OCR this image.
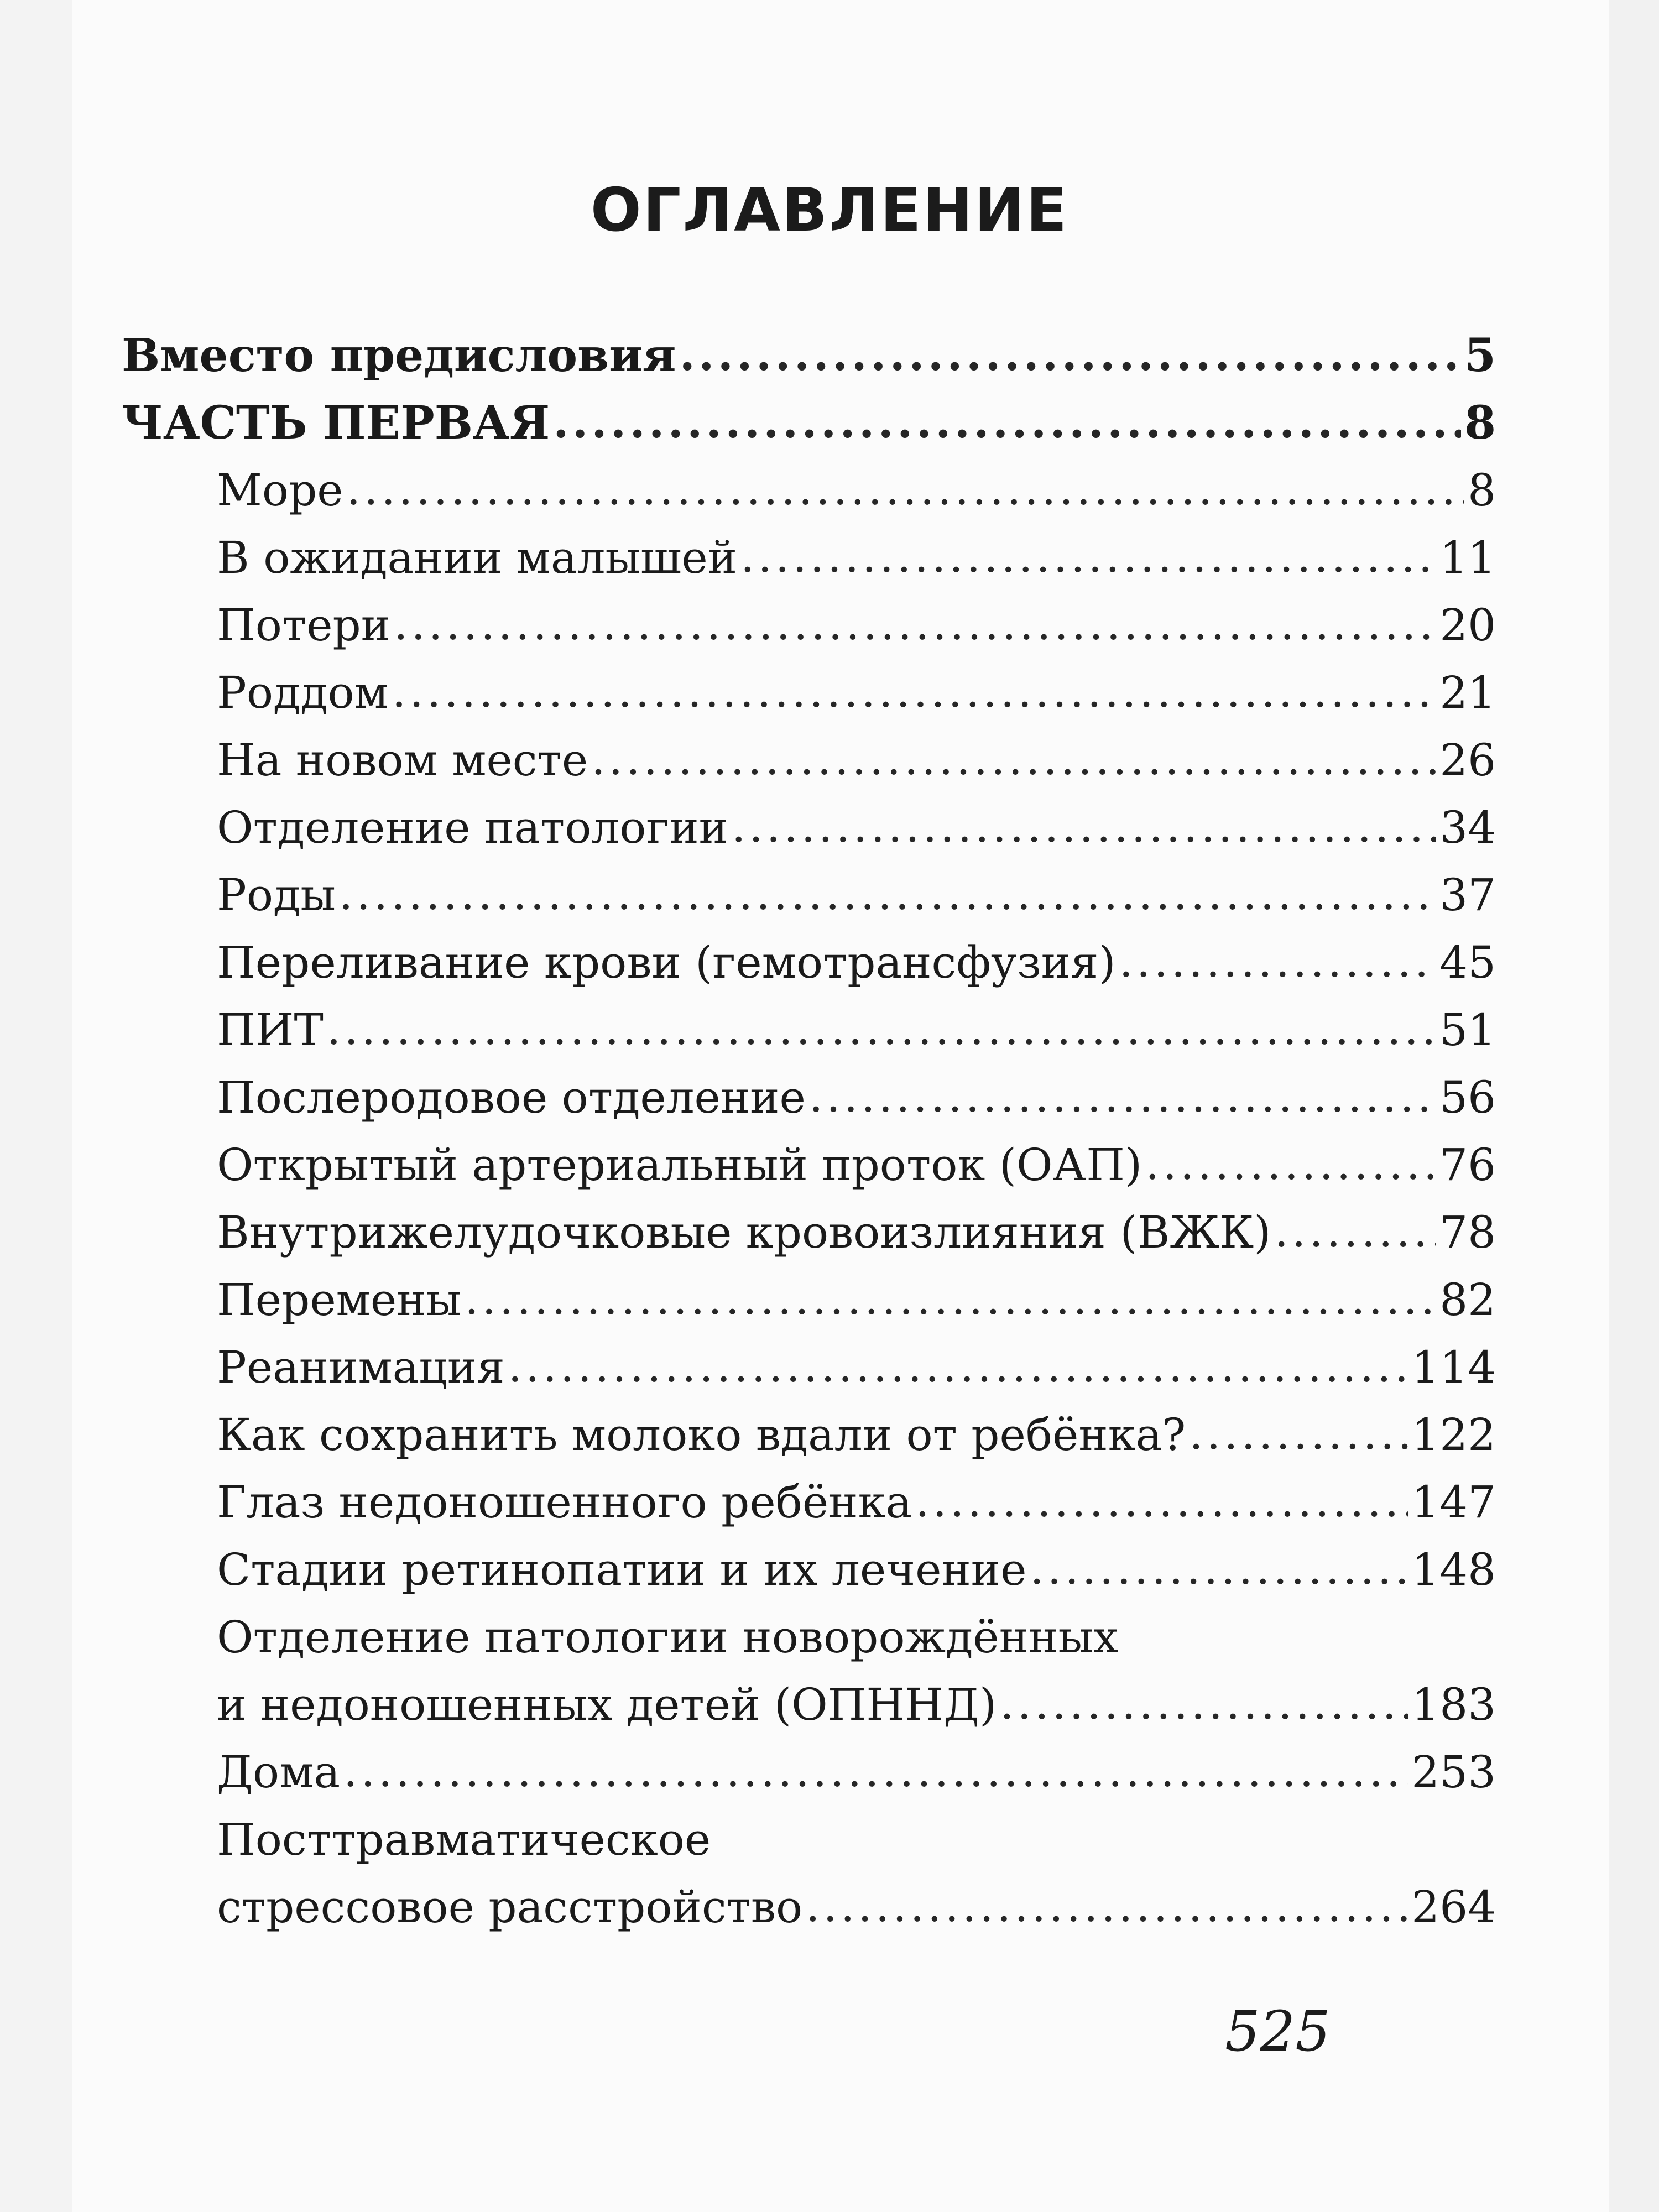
ОГЛАВЛЕНИЕ
Вместо предисловия .....	5
ЧАСТЬ ПЕРВАЯ .....	8
Море .....	8
В ожидании малышей .....	11
Потери .....	20
Роддом .....	21
На новом месте .....	26
Отделение патологии .....	34
Роды .....	37
Переливание крови (гемотрансфузия) .....	45
ПИТ .....	51
Послеродовое отделение .....	56
Открытый артериальный проток (ОАП) .....	76
Внутрижелудочковые кровоизлияния (ВЖК) .....	78
Перемены .....	82
Реанимация .....	114
Как сохранить молоко вдали от ребёнка? .....	122
Глаз недоношенного ребёнка .....	147
Стадии ретинопатии и их лечение .....	148
Отделение патологии новорождённых
и недоношенных детей (ОПННД) .....	183
Дома .....	253
Посттравматическое
стрессовое расстройство .....	264
525
